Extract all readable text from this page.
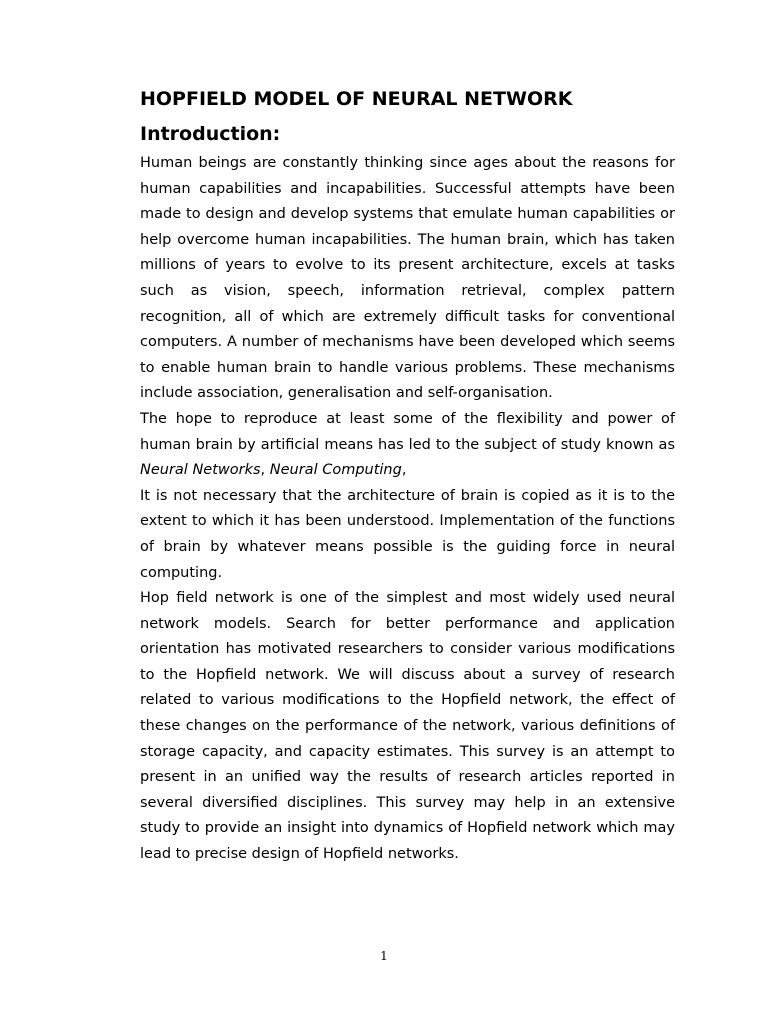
HOPFIELD MODEL OF NEURAL NETWORK
Introduction:

Human beings are constantly thinking since ages about the reasons for human capabilities and incapabilities. Successful attempts have been made to design and develop systems that emulate human capabilities or help overcome human incapabilities. The human brain, which has taken millions of years to evolve to its present architecture, excels at tasks such as vision, speech, information retrieval, complex pattern recognition, all of which are extremely difficult tasks for conventional computers. A number of mechanisms have been developed which seems to enable human brain to handle various problems. These mechanisms include association, generalisation and self-organisation.

The hope to reproduce at least some of the flexibility and power of human brain by artificial means has led to the subject of study known as Neural Networks, Neural Computing,

It is not necessary that the architecture of brain is copied as it is to the extent to which it has been understood. Implementation of the functions of brain by whatever means possible is the guiding force in neural computing.

Hop field network is one of the simplest and most widely used neural network models. Search for better performance and application orientation has motivated researchers to consider various modifications to the Hopfield network. We will discuss about a survey of research related to various modifications to the Hopfield network, the effect of these changes on the performance of the network, various definitions of storage capacity, and capacity estimates. This survey is an attempt to present in an unified way the results of research articles reported in several diversified disciplines. This survey may help in an extensive study to provide an insight into dynamics of Hopfield network which may lead to precise design of Hopfield networks.

1
